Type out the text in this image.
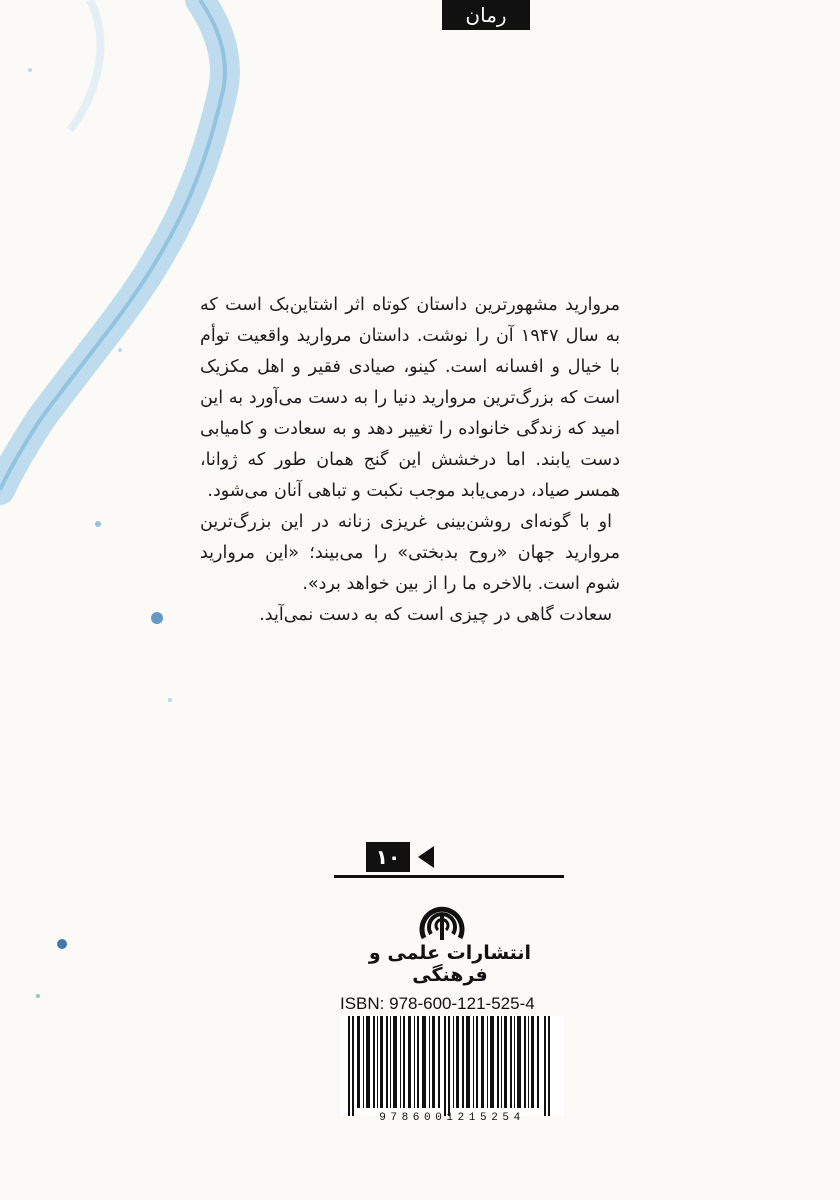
مروارید مشهورترین داستان کوتاه اثر اشتاین‌بک است که به سال ۱۹۴۷ آن را نوشت. داستان مروارید واقعیت توأم با خیال و افسانه است. کینو، صیادی فقیر و اهل مکزیک است که بزرگ‌ترین مروارید دنیا را به دست می‌آورد به این امید که زندگی خانواده را تغییر دهد و به سعادت و کامیابی دست یابند. اما درخشش این گنج همان طور که ژوانا، همسر صیاد، درمی‌یابد موجب نکبت و تباهی آنان می‌شود.

او با گونه‌ای روشن‌بینی غریزی زنانه در این بزرگ‌ترین مروارید جهان «روح بدبختی» را می‌بیند؛ «این مروارید شوم است. بالاخره ما را از بین خواهد برد».

سعادت گاهی در چیزی است که به دست نمی‌آید.

رمان
۱۰
انتشارات علمی و فرهنگی
ISBN: 978-600-121-525-4
9786001215254
